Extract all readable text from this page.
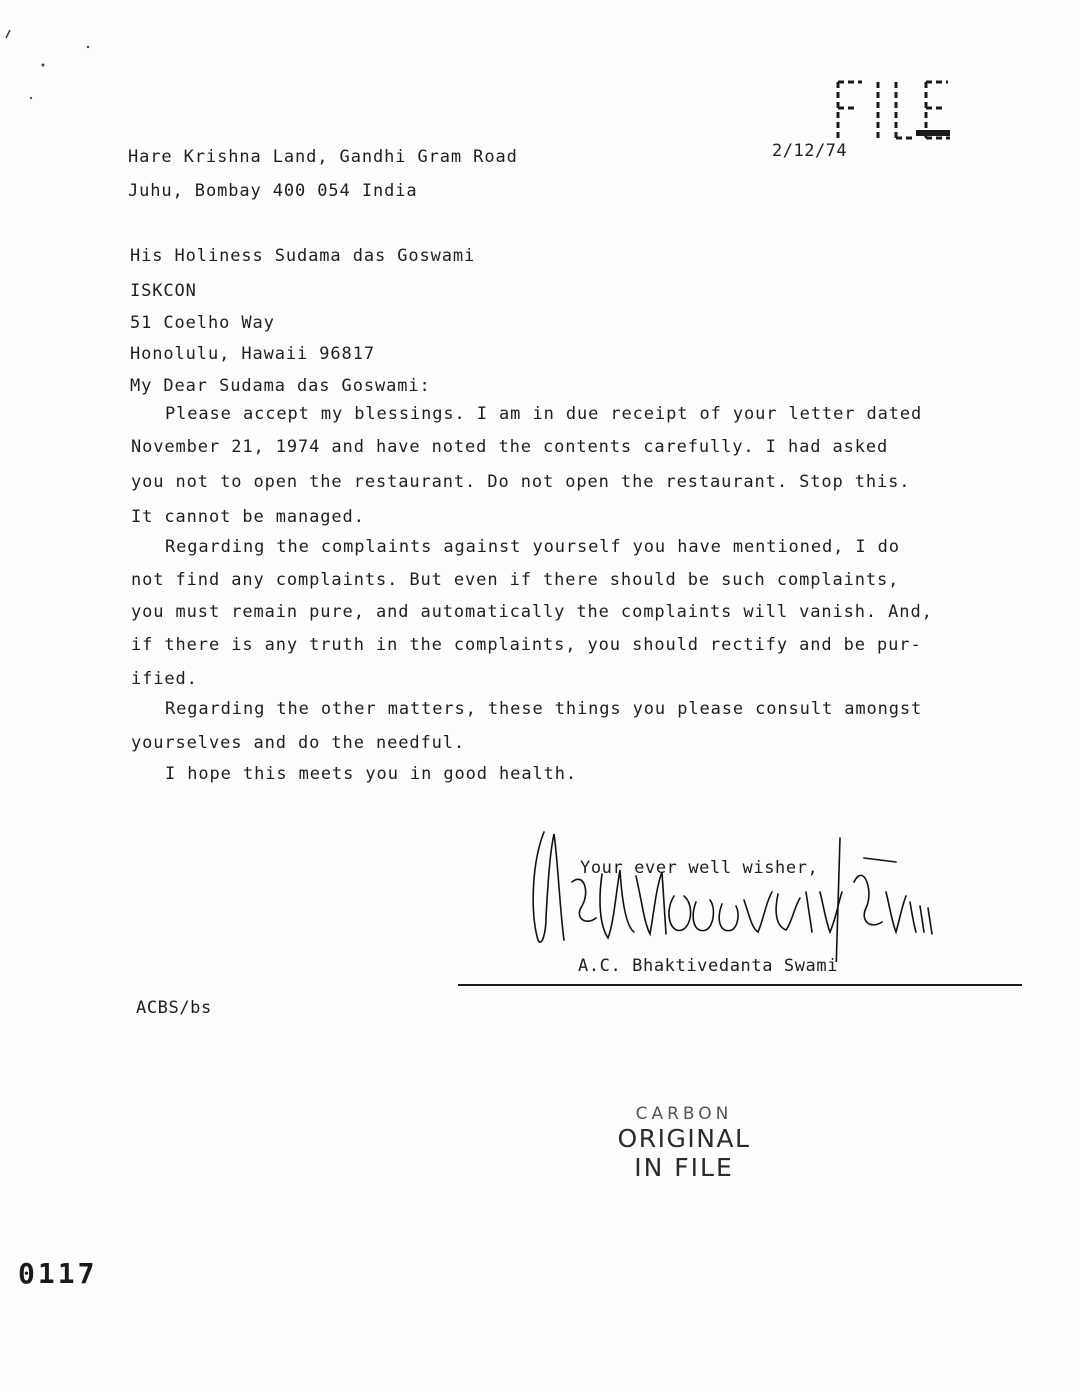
2/12/74
Hare Krishna Land, Gandhi Gram Road
Juhu, Bombay 400 054 India
His Holiness Sudama das Goswami
ISKCON
51 Coelho Way
Honolulu, Hawaii 96817
My Dear Sudama das Goswami:
Please accept my blessings. I am in due receipt of your letter dated
November 21, 1974 and have noted the contents carefully. I had asked
you not to open the restaurant. Do not open the restaurant. Stop this.
It cannot be managed.
Regarding the complaints against yourself you have mentioned, I do
not find any complaints. But even if there should be such complaints,
you must remain pure, and automatically the complaints will vanish. And,
if there is any truth in the complaints, you should rectify and be pur-
ified.
Regarding the other matters, these things you please consult amongst
yourselves and do the needful.
I hope this meets you in good health.
Your ever well wisher,
A.C. Bhaktivedanta Swami
ACBS/bs
CARBON
ORIGINAL
IN FILE
0117
